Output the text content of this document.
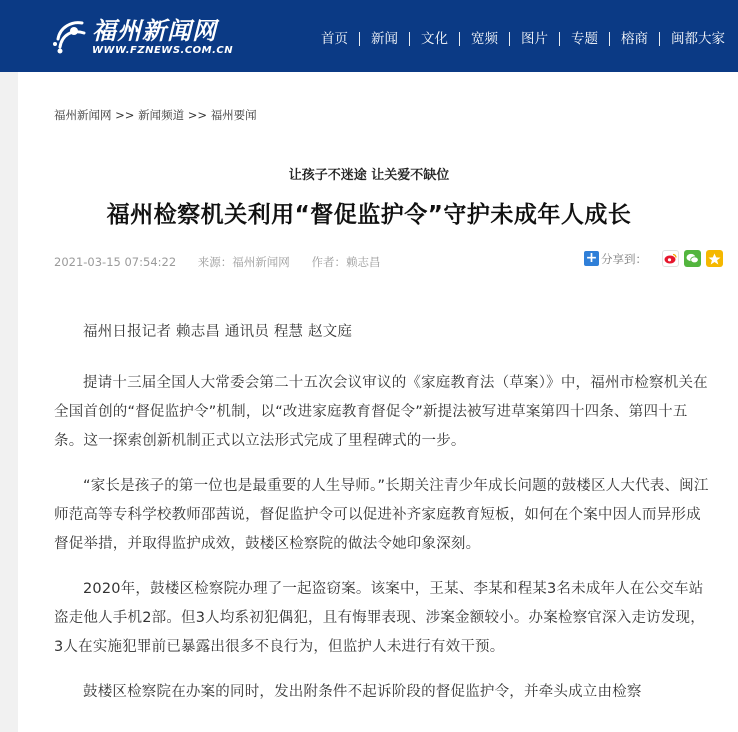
福州新闻网
WWW.FZNEWS.COM.CN
首页	新闻	文化	宽频	图片	专题	榕商	闽都大家
福州新闻网 >> 新闻频道 >> 福州要闻
让孩子不迷途 让关爱不缺位
福州检察机关利用“督促监护令”守护未成年人成长
2021-03-15 07:54:22 来源：福州新闻网 作者：赖志昌	+ 分享到：

福州日报记者 赖志昌 通讯员 程慧 赵文庭

提请十三届全国人大常委会第二十五次会议审议的《家庭教育法（草案）》中，福州市检察机关在全国首创的“督促监护令”机制，以“改进家庭教育督促令”新提法被写进草案第四十四条、第四十五条。这一探索创新机制正式以立法形式完成了里程碑式的一步。

“家长是孩子的第一位也是最重要的人生导师。”长期关注青少年成长问题的鼓楼区人大代表、闽江师范高等专科学校教师邵茜说，督促监护令可以促进补齐家庭教育短板，如何在个案中因人而异形成督促举措，并取得监护成效，鼓楼区检察院的做法令她印象深刻。

2020年，鼓楼区检察院办理了一起盗窃案。该案中，王某、李某和程某3名未成年人在公交车站盗走他人手机2部。但3人均系初犯偶犯，且有悔罪表现、涉案金额较小。办案检察官深入走访发现，3人在实施犯罪前已暴露出很多不良行为，但监护人未进行有效干预。

鼓楼区检察院在办案的同时，发出附条件不起诉阶段的督促监护令，并牵头成立由检察
